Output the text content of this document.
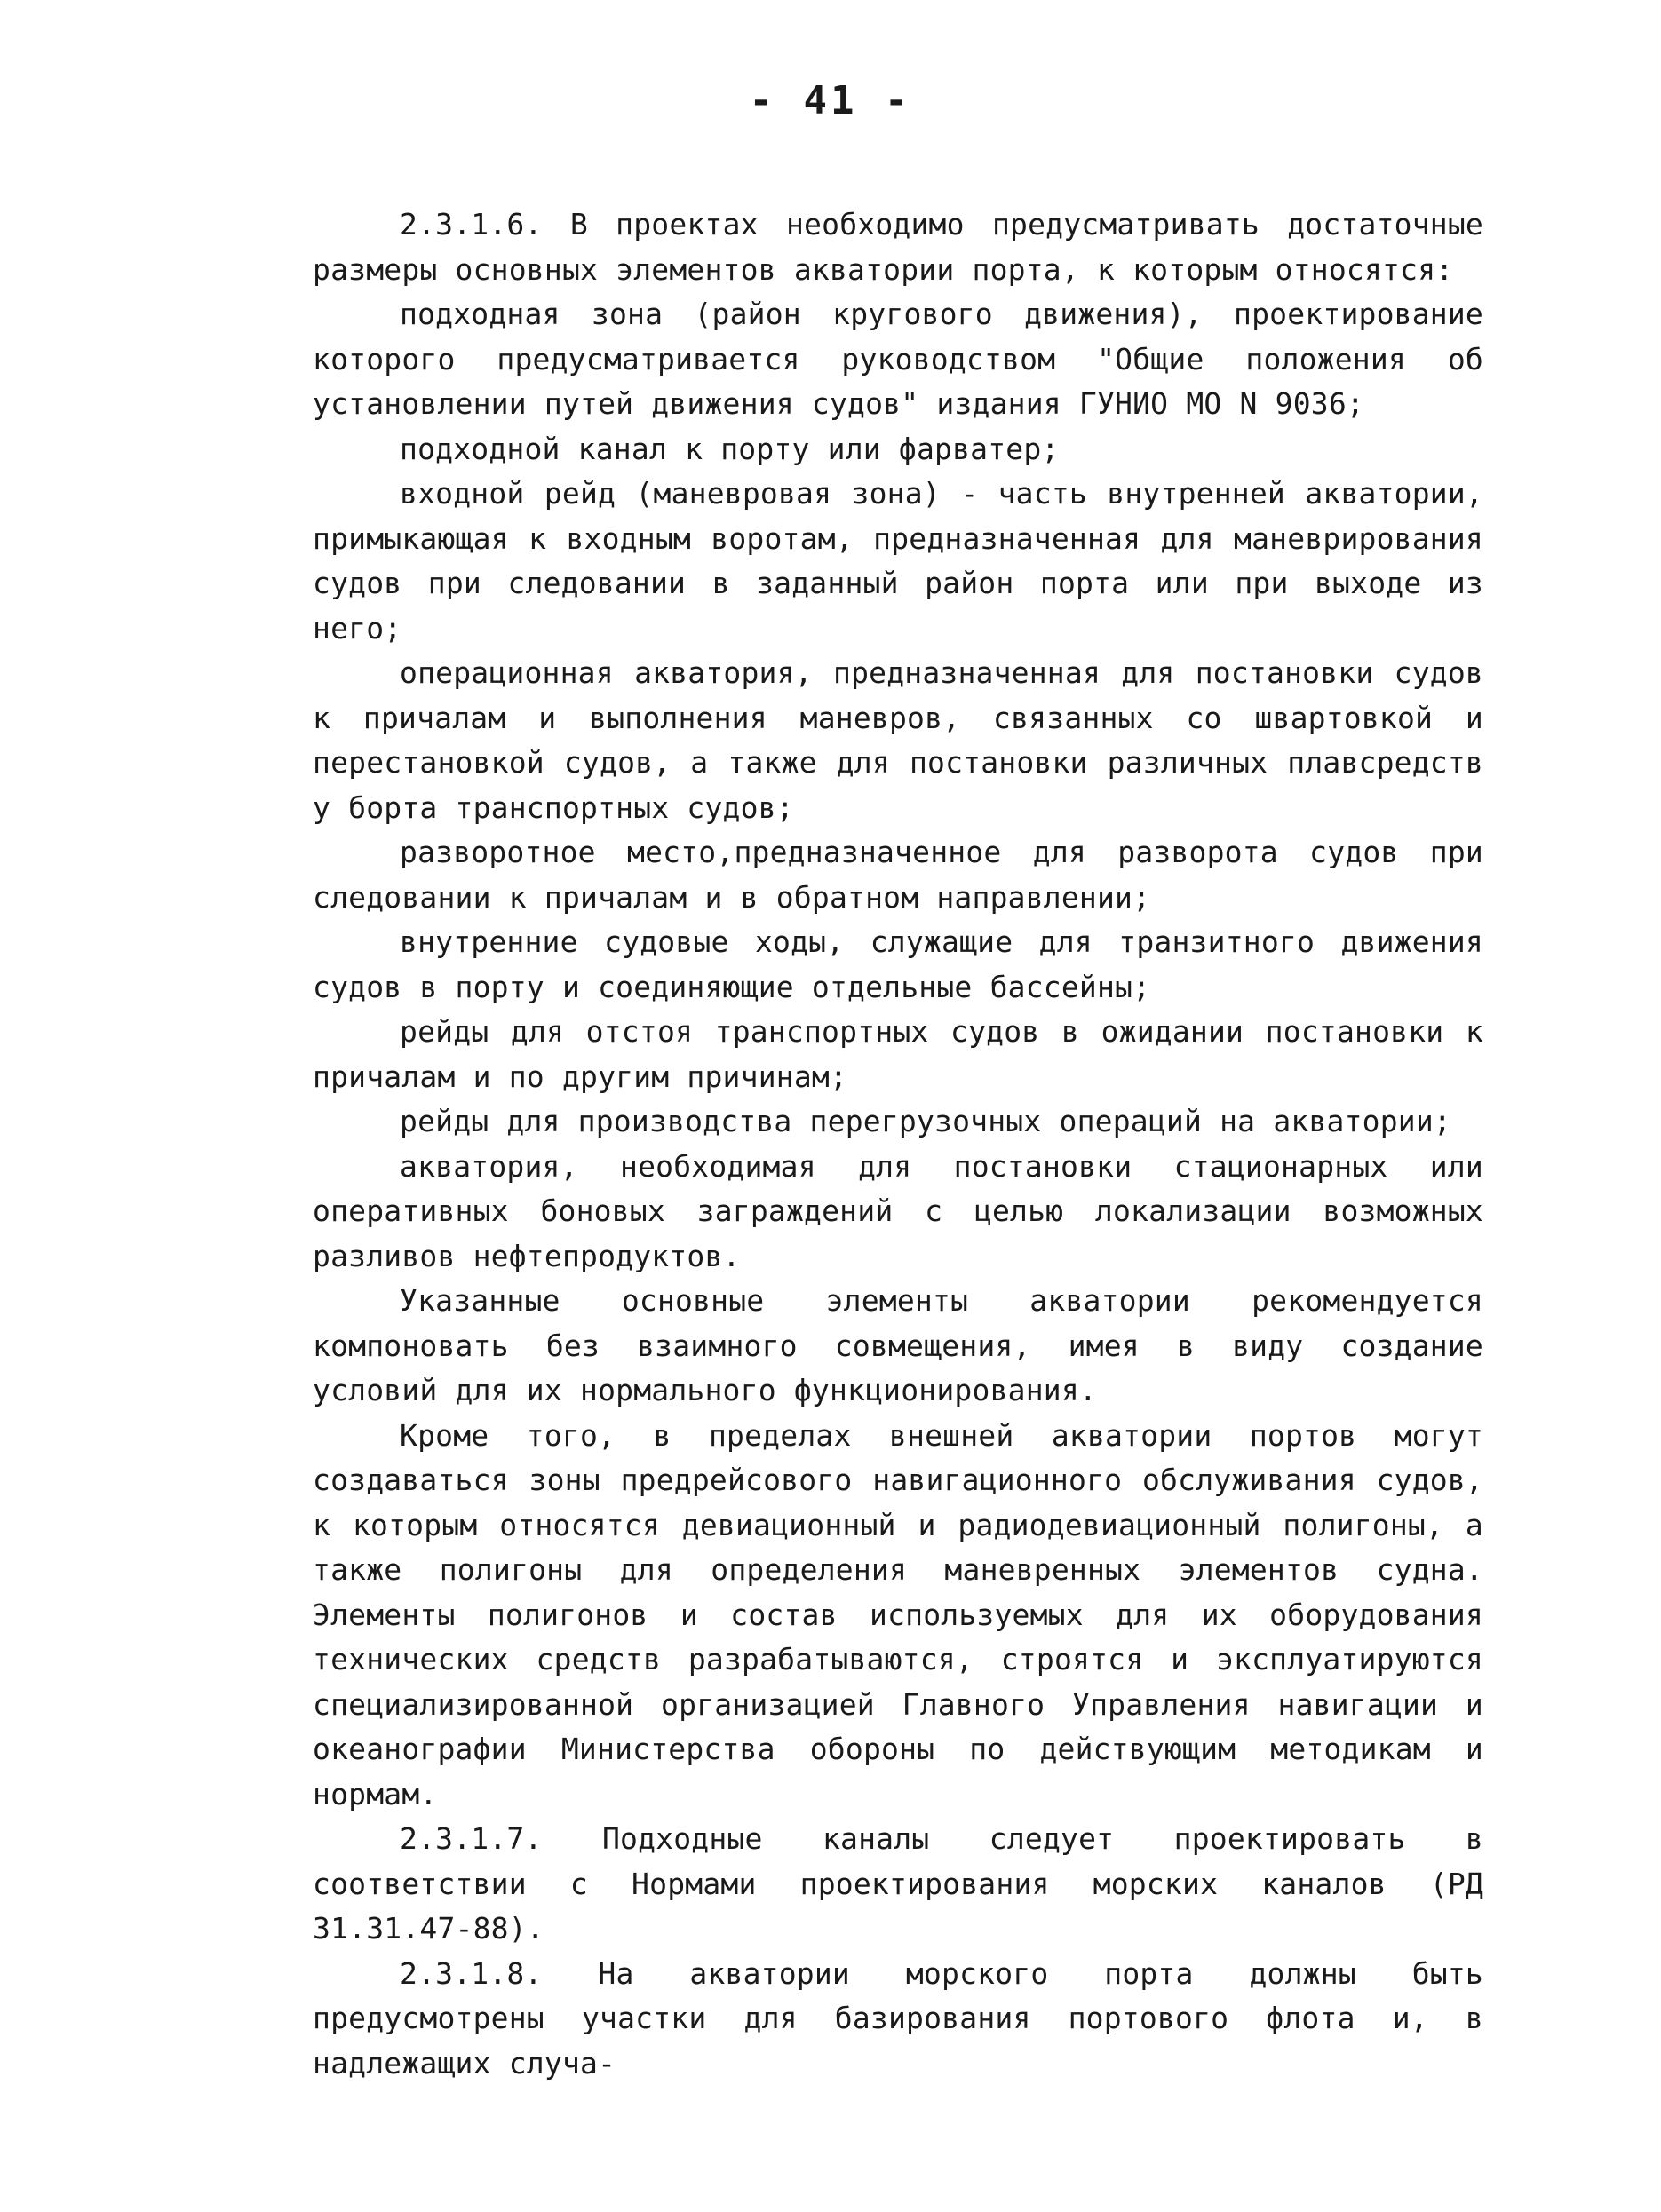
- 41 -

2.3.1.6. В проектах необходимо предусматривать достаточные размеры основных элементов акватории порта, к которым относятся:

подходная зона (район кругового движения), проектирование которого предусматривается руководством "Общие положения об установлении путей движения судов" издания ГУНИО МО N 9036;

подходной канал к порту или фарватер;

входной рейд (маневровая зона) - часть внутренней акватории, примыкающая к входным воротам, предназначенная для маневрирования судов при следовании в заданный район порта или при выходе из него;

операционная акватория, предназначенная для постановки судов к причалам и выполнения маневров, связанных со швартовкой и перестановкой судов, а также для постановки различных плавсредств у борта транспортных судов;

разворотное место,предназначенное для разворота судов при следовании к причалам и в обратном направлении;

внутренние судовые ходы, служащие для транзитного движения судов в порту и соединяющие отдельные бассейны;

рейды для отстоя транспортных судов в ожидании постановки к причалам и по другим причинам;

рейды для производства перегрузочных операций на акватории;

акватория, необходимая для постановки стационарных или оперативных боновых заграждений с целью локализации возможных разливов нефтепродуктов.

Указанные основные элементы акватории рекомендуется компоновать без взаимного совмещения, имея в виду создание условий для их нормального функционирования.

Кроме того, в пределах внешней акватории портов могут создаваться зоны предрейсового навигационного обслуживания судов, к которым относятся девиационный и радиодевиационный полигоны, а также полигоны для определения маневренных элементов судна. Элементы полигонов и состав используемых для их оборудования технических средств разрабатываются, строятся и эксплуатируются специализированной организацией Главного Управления навигации и океанографии Министерства обороны по действующим методикам и нормам.

2.3.1.7. Подходные каналы следует проектировать в соответствии с Нормами проектирования морских каналов (РД 31.31.47-88).

2.3.1.8. На акватории морского порта должны быть предусмотрены участки для базирования портового флота и, в надлежащих случа-
